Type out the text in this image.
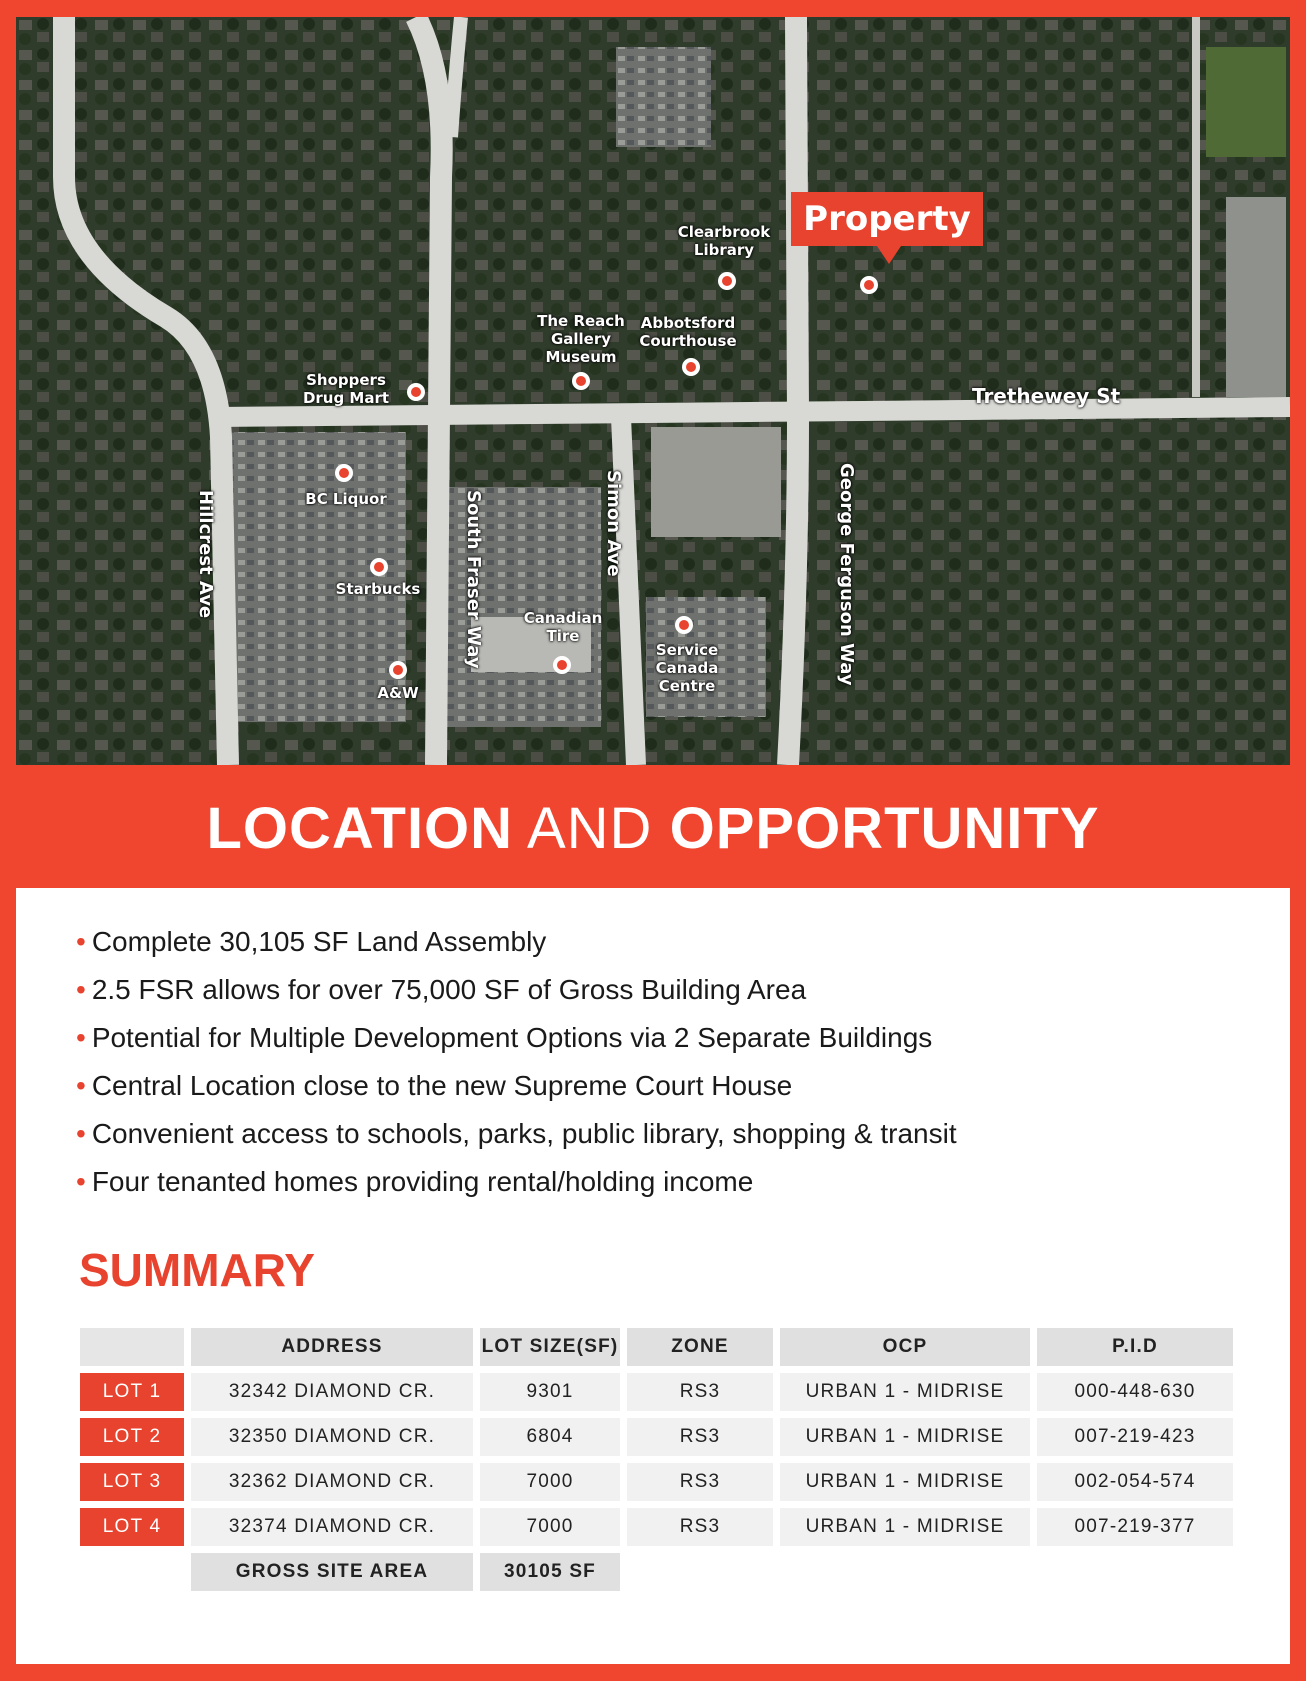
Property
Clearbrook
Library
The Reach
Gallery
Museum
Abbotsford
Courthouse
Shoppers
Drug Mart
BC Liquor
Starbucks
A&W
Canadian
Tire
Service
Canada
Centre
Trethewey St
Hillcrest Ave	South Fraser Way	Simon Ave	George Ferguson Way
LOCATION AND OPPORTUNITY
• Complete 30,105 SF Land Assembly
• 2.5 FSR allows for over 75,000 SF of Gross Building Area
• Potential for Multiple Development Options via 2 Separate Buildings
• Central Location close to the new Supreme Court House
• Convenient access to schools, parks, public library, shopping & transit
• Four tenanted homes providing rental/holding income
SUMMARY
	ADDRESS	LOT SIZE(SF)	ZONE	OCP	P.I.D
LOT 1	32342 DIAMOND CR.	9301	RS3	URBAN 1 - MIDRISE	000-448-630
LOT 2	32350 DIAMOND CR.	6804	RS3	URBAN 1 - MIDRISE	007-219-423
LOT 3	32362 DIAMOND CR.	7000	RS3	URBAN 1 - MIDRISE	002-054-574
LOT 4	32374 DIAMOND CR.	7000	RS3	URBAN 1 - MIDRISE	007-219-377
	GROSS SITE AREA	30105 SF			
